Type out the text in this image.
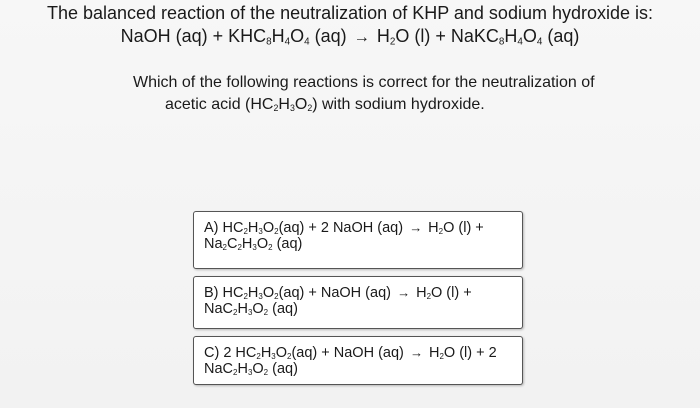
The balanced reaction of the neutralization of KHP and sodium hydroxide is:
NaOH $(aq) + KHC_8H_4O_4$ $(aq) \to H_2O$ $(l) + NaKC_8H_4O_4$ (aq)
Which of the following reactions is correct for the neutralization of
acetic acid $(HC_2H_3O_2)$ with sodium hydroxide.
A) $HC_2H_3O_2(aq) + 2$ NaOH $(aq) \to H_2O$ (l) +
$Na_2C_2H_3O_2$ (aq)
B) $HC_2H_3O_2(aq)$ + NaOH $(aq) \to H_2O$ (l) +
$NaC_2H_3O_2$ (aq)
C) 2 $HC_2H_3O_2(aq)$ + NaOH $(aq) \to H_2O$ (l) + 2
$NaC_2H_3O_2$ (aq)
